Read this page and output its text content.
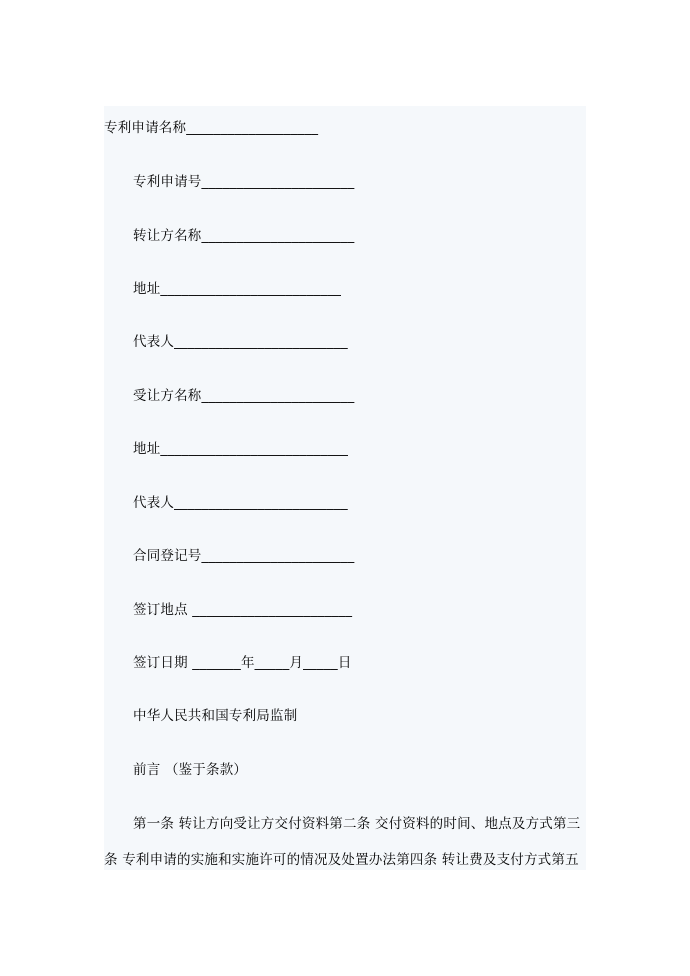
专利申请名称___________________
专利申请号______________________
转让方名称______________________
地址__________________________
代表人_________________________
受让方名称______________________
地址___________________________
代表人_________________________
合同登记号______________________
签订地点 _______________________
签订日期 _______年_____月_____日
中华人民共和国专利局监制
前言 （鉴于条款）
第一条 转让方向受让方交付资料第二条 交付资料的时间、地点及方式第三
条 专利申请的实施和实施许可的情况及处置办法第四条 转让费及支付方式第五
